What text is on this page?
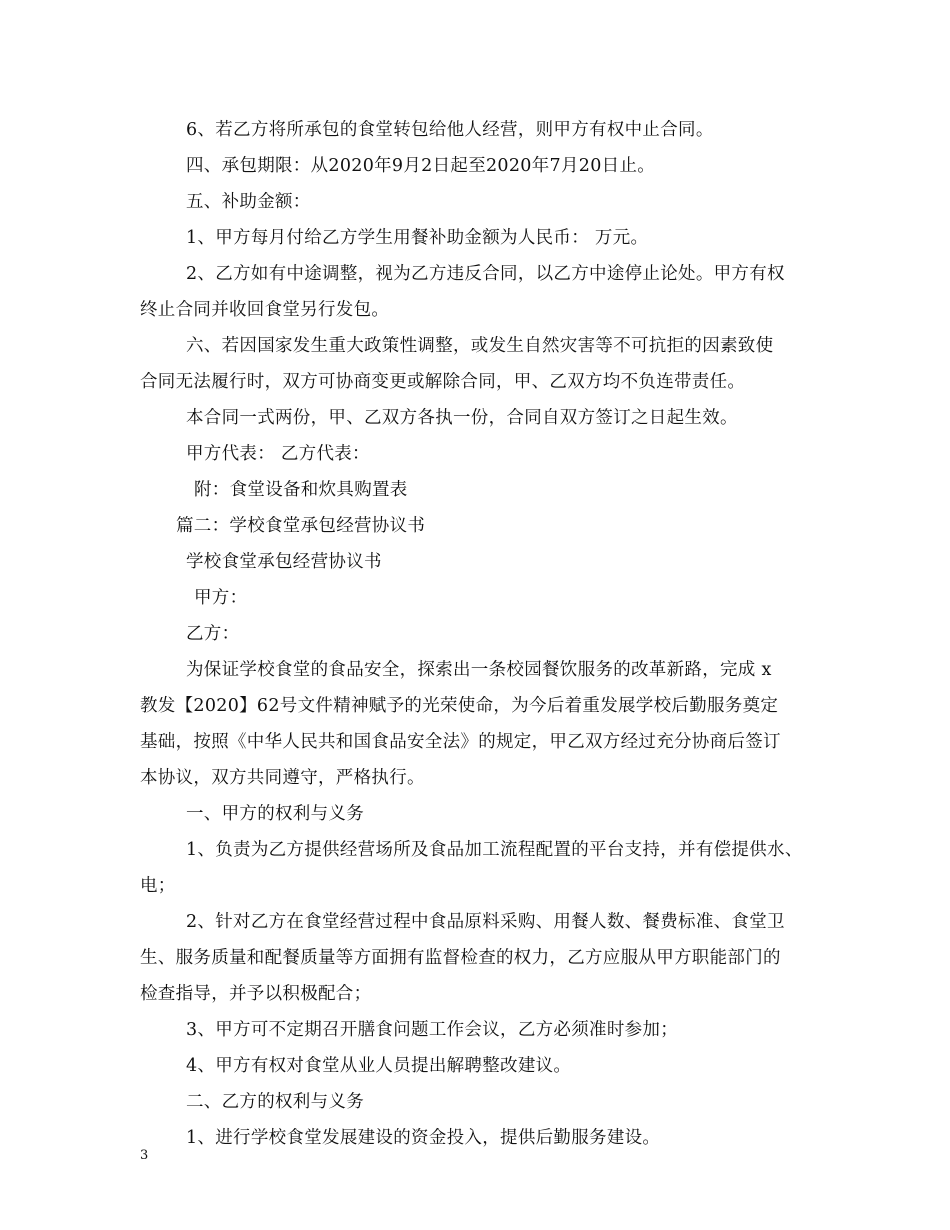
6、若乙方将所承包的食堂转包给他人经营，则甲方有权中止合同。
四、承包期限：从2020年9月2日起至2020年7月20日止。
五、补助金额：
1、甲方每月付给乙方学生用餐补助金额为人民币： 万元。
2、乙方如有中途调整，视为乙方违反合同，以乙方中途停止论处。甲方有权
终止合同并收回食堂另行发包。
六、若因国家发生重大政策性调整，或发生自然灾害等不可抗拒的因素致使
合同无法履行时，双方可协商变更或解除合同，甲、乙双方均不负连带责任。
本合同一式两份，甲、乙双方各执一份，合同自双方签订之日起生效。
甲方代表： 乙方代表：
附：食堂设备和炊具购置表
篇二：学校食堂承包经营协议书
学校食堂承包经营协议书
甲方：
乙方：
为保证学校食堂的食品安全，探索出一条校园餐饮服务的改革新路，完成 x
教发【2020】62号文件精神赋予的光荣使命，为今后着重发展学校后勤服务奠定
基础，按照《中华人民共和国食品安全法》的规定，甲乙双方经过充分协商后签订
本协议，双方共同遵守，严格执行。
一、甲方的权利与义务
1、负责为乙方提供经营场所及食品加工流程配置的平台支持，并有偿提供水、
电；
2、针对乙方在食堂经营过程中食品原料采购、用餐人数、餐费标准、食堂卫
生、服务质量和配餐质量等方面拥有监督检查的权力，乙方应服从甲方职能部门的
检查指导，并予以积极配合；
3、甲方可不定期召开膳食问题工作会议，乙方必须准时参加；
4、甲方有权对食堂从业人员提出解聘整改建议。
二、乙方的权利与义务
1、进行学校食堂发展建设的资金投入，提供后勤服务建设。
3
